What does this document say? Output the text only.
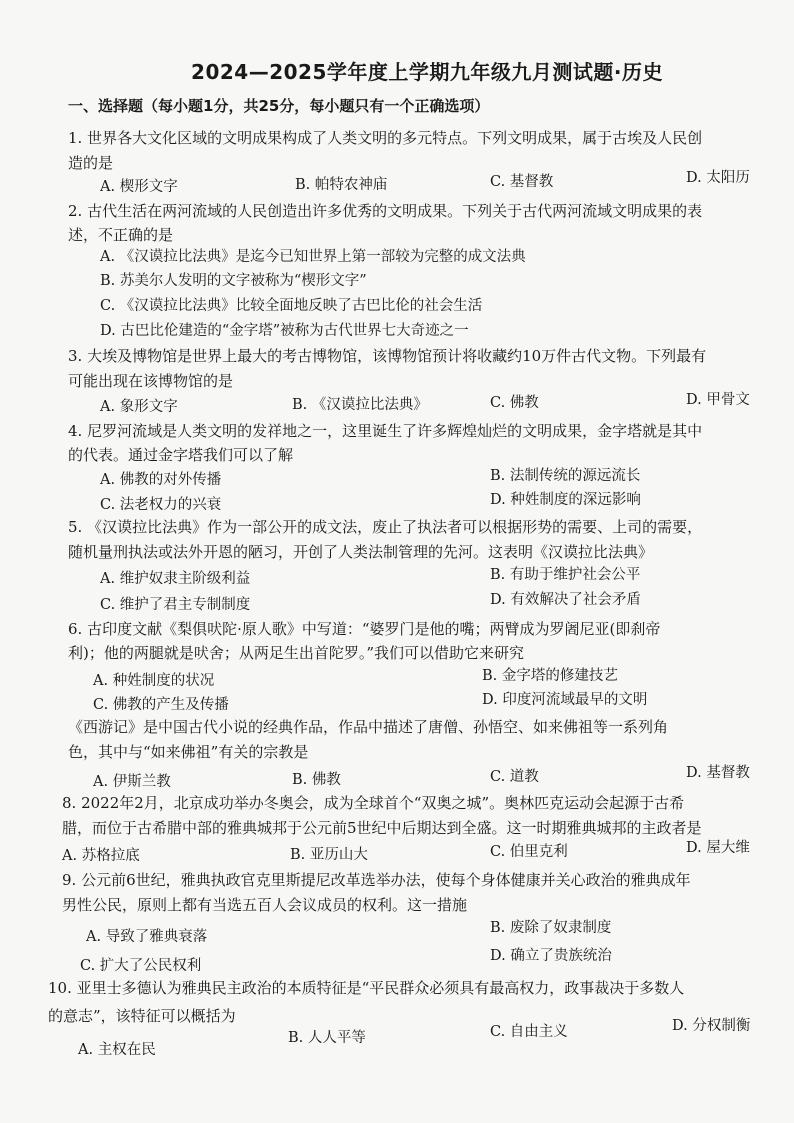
2024—2025学年度上学期九年级九月测试题·历史
一、选择题（每小题1分，共25分，每小题只有一个正确选项）
1. 世界各大文化区域的文明成果构成了人类文明的多元特点。下列文明成果，属于古埃及人民创
造的是
A. 楔形文字	B. 帕特农神庙	C. 基督教	D. 太阳历
2. 古代生活在两河流域的人民创造出许多优秀的文明成果。下列关于古代两河流域文明成果的表
述，不正确的是
A. 《汉谟拉比法典》是迄今已知世界上第一部较为完整的成文法典
B. 苏美尔人发明的文字被称为“楔形文字”
C. 《汉谟拉比法典》比较全面地反映了古巴比伦的社会生活
D. 古巴比伦建造的“金字塔”被称为古代世界七大奇迹之一
3. 大埃及博物馆是世界上最大的考古博物馆，该博物馆预计将收藏约10万件古代文物。下列最有
可能出现在该博物馆的是
A. 象形文字	B. 《汉谟拉比法典》	C. 佛教	D. 甲骨文
4. 尼罗河流域是人类文明的发祥地之一，这里诞生了许多辉煌灿烂的文明成果，金字塔就是其中
的代表。通过金字塔我们可以了解
A. 佛教的对外传播	B. 法制传统的源远流长
C. 法老权力的兴衰	D. 种姓制度的深远影响
5. 《汉谟拉比法典》作为一部公开的成文法，废止了执法者可以根据形势的需要、上司的需要，
随机量刑执法或法外开恩的陋习，开创了人类法制管理的先河。这表明《汉谟拉比法典》
A. 维护奴隶主阶级利益	B. 有助于维护社会公平
C. 维护了君主专制制度	D. 有效解决了社会矛盾
6. 古印度文献《梨俱吠陀·原人歌》中写道：“婆罗门是他的嘴；两臂成为罗阇尼亚(即刹帝
利)；他的两腿就是吠舍；从两足生出首陀罗。”我们可以借助它来研究
A. 种姓制度的状况	B. 金字塔的修建技艺
C. 佛教的产生及传播	D. 印度河流域最早的文明
《西游记》是中国古代小说的经典作品，作品中描述了唐僧、孙悟空、如来佛祖等一系列角
色，其中与“如来佛祖”有关的宗教是
A. 伊斯兰教	B. 佛教	C. 道教	D. 基督教
8. 2022年2月，北京成功举办冬奥会，成为全球首个“双奥之城”。奥林匹克运动会起源于古希
腊，而位于古希腊中部的雅典城邦于公元前5世纪中后期达到全盛。这一时期雅典城邦的主政者是
A. 苏格拉底	B. 亚历山大	C. 伯里克利	D. 屋大维
9. 公元前6世纪，雅典执政官克里斯提尼改革选举办法，使每个身体健康并关心政治的雅典成年
男性公民，原则上都有当选五百人会议成员的权利。这一措施
A. 导致了雅典衰落
B. 废除了奴隶制度
C. 扩大了公民权利
D. 确立了贵族统治
10. 亚里士多德认为雅典民主政治的本质特征是“平民群众必须具有最高权力，政事裁决于多数人
的意志”，该特征可以概括为
A. 主权在民
B. 人人平等	C. 自由主义	D. 分权制衡
